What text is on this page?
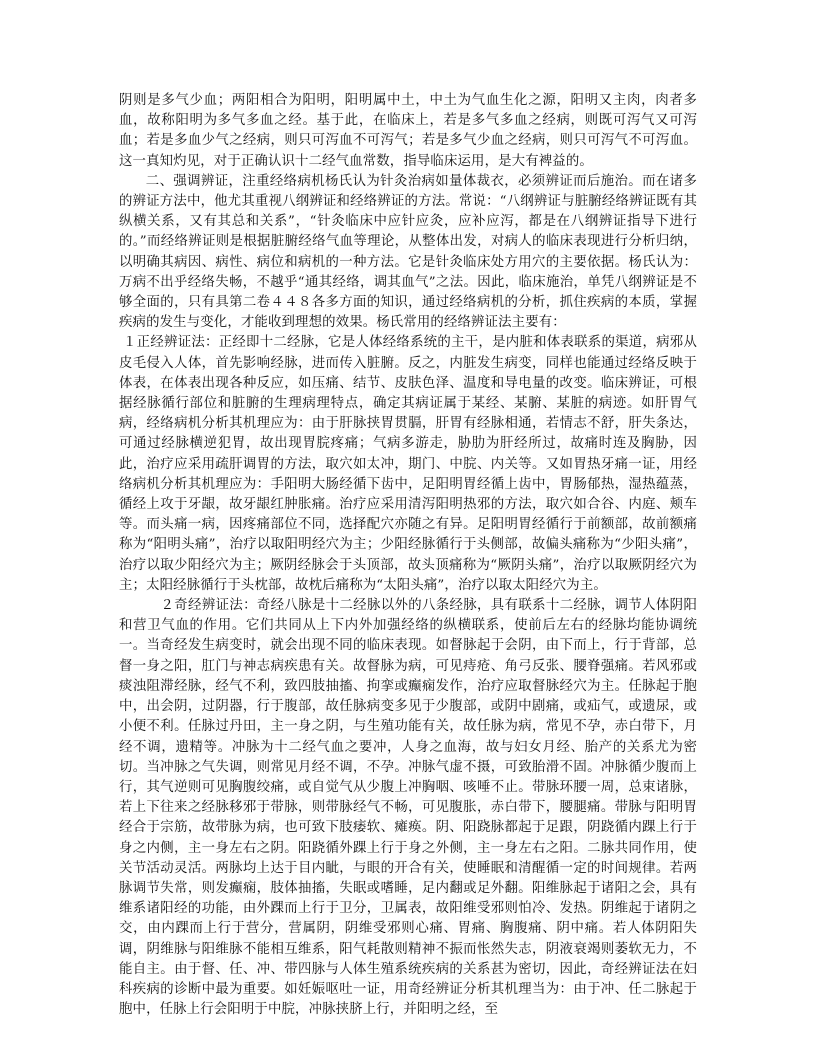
阴则是多气少血；两阳相合为阳明，阳明属中土，中土为气血生化之源，阳明又主肉，肉者多血，故称阳明为多气多血之经。基于此，在临床上，若是多气多血之经病，则既可泻气又可泻血；若是多血少气之经病，则只可泻血不可泻气；若是多气少血之经病，则只可泻气不可泻血。这一真知灼见，对于正确认识十二经气血常数，指导临床运用，是大有裨益的。

二、强调辨证，注重经络病机杨氏认为针灸治病如量体裁衣，必须辨证而后施治。而在诸多的辨证方法中，他尤其重视八纲辨证和经络辨证的方法。常说：“八纲辨证与脏腑经络辨证既有其纵横关系，又有其总和关系”，“针灸临床中应针应灸，应补应泻，都是在八纲辨证指导下进行的。”而经络辨证则是根据脏腑经络气血等理论，从整体出发，对病人的临床表现进行分析归纳，以明确其病因、病性、病位和病机的一种方法。它是针灸临床处方用穴的主要依据。杨氏认为：万病不出乎经络失畅，不越乎“通其经络，调其血气”之法。因此，临床施治，单凭八纲辨证是不够全面的，只有具第二卷４４８各多方面的知识，通过经络病机的分析，抓住疾病的本质，掌握疾病的发生与变化，才能收到理想的效果。杨氏常用的经络辨证法主要有：

１正经辨证法：正经即十二经脉，它是人体经络系统的主干，是内脏和体表联系的渠道，病邪从皮毛侵入人体，首先影响经脉，进而传入脏腑。反之，内脏发生病变，同样也能通过经络反映于体表，在体表出现各种反应，如压痛、结节、皮肤色泽、温度和导电量的改变。临床辨证，可根据经脉循行部位和脏腑的生理病理特点，确定其病证属于某经、某腑、某脏的病迹。如肝胃气病，经络病机分析其机理应为：由于肝脉挟胃贯膈，肝胃有经脉相通，若情志不舒，肝失条达，可通过经脉横逆犯胃，故出现胃脘疼痛；气病多游走，胁肋为肝经所过，故痛时连及胸胁，因此，治疗应采用疏肝调胃的方法，取穴如太冲，期门、中脘、内关等。又如胃热牙痛一证，用经络病机分析其机理应为：手阳明大肠经循下齿中，足阳明胃经循上齿中，胃肠郁热，湿热蕴蒸，循经上攻于牙龈，故牙龈红肿胀痛。治疗应采用清泻阳明热邪的方法，取穴如合谷、内庭、颊车等。而头痛一病，因疼痛部位不同，选择配穴亦随之有异。足阳明胃经循行于前额部，故前额痛称为“阳明头痛”，治疗以取阳明经穴为主；少阳经脉循行于头侧部，故偏头痛称为“少阳头痛”，治疗以取少阳经穴为主；厥阴经脉会于头顶部，故头顶痛称为“厥阴头痛”，治疗以取厥阴经穴为主；太阳经脉循行于头枕部，故枕后痛称为“太阳头痛”，治疗以取太阳经穴为主。

２奇经辨证法：奇经八脉是十二经脉以外的八条经脉，具有联系十二经脉，调节人体阴阳和营卫气血的作用。它们共同从上下内外加强经络的纵横联系，使前后左右的经脉均能协调统一。当奇经发生病变时，就会出现不同的临床表现。如督脉起于会阴，由下而上，行于背部，总督一身之阳，肛门与神志病疾患有关。故督脉为病，可见痔疮、角弓反张、腰脊强痛。若风邪或痰浊阻滞经脉，经气不利，致四肢抽搐、拘挛或癫痫发作，治疗应取督脉经穴为主。任脉起于胞中，出会阴，过阴器，行于腹部，故任脉病变多见于少腹部，或阴中剧痛，或疝气，或遗尿，或小便不利。任脉过丹田，主一身之阴，与生殖功能有关，故任脉为病，常见不孕，赤白带下，月经不调，遗精等。冲脉为十二经气血之要冲，人身之血海，故与妇女月经、胎产的关系尤为密切。当冲脉之气失调，则常见月经不调，不孕。冲脉气虚不摄，可致胎滑不固。冲脉循少腹而上行，其气逆则可见胸腹绞痛，或自觉气从少腹上冲胸咽、咳唾不止。带脉环腰一周，总束诸脉，若上下往来之经脉移邪于带脉，则带脉经气不畅，可见腹胀，赤白带下，腰腿痛。带脉与阳明胃经合于宗筋，故带脉为病，也可致下肢痿软、瘫痪。阴、阳跷脉都起于足跟，阴跷循内踝上行于身之内侧，主一身左右之阴。阳跷循外踝上行于身之外侧，主一身左右之阳。二脉共同作用，使关节活动灵活。两脉均上达于目内眦，与眼的开合有关，使睡眠和清醒循一定的时间规律。若两脉调节失常，则发癫痫，肢体抽搐，失眠或嗜睡，足内翻或足外翻。阳维脉起于诸阳之会，具有维系诸阳经的功能，由外踝而上行于卫分，卫属表，故阳维受邪则怕冷、发热。阴维起于诸阴之交，由内踝而上行于营分，营属阴，阴维受邪则心痛、胃痛、胸腹痛、阴中痛。若人体阴阳失调，阴维脉与阳维脉不能相互维系，阳气耗散则精神不振而怅然失志，阴液衰竭则萎软无力，不能自主。由于督、任、冲、带四脉与人体生殖系统疾病的关系甚为密切，因此，奇经辨证法在妇科疾病的诊断中最为重要。如妊娠呕吐一证，用奇经辨证分析其机理当为：由于冲、任二脉起于胞中，任脉上行会阳明于中脘，冲脉挟脐上行，并阳明之经，至
